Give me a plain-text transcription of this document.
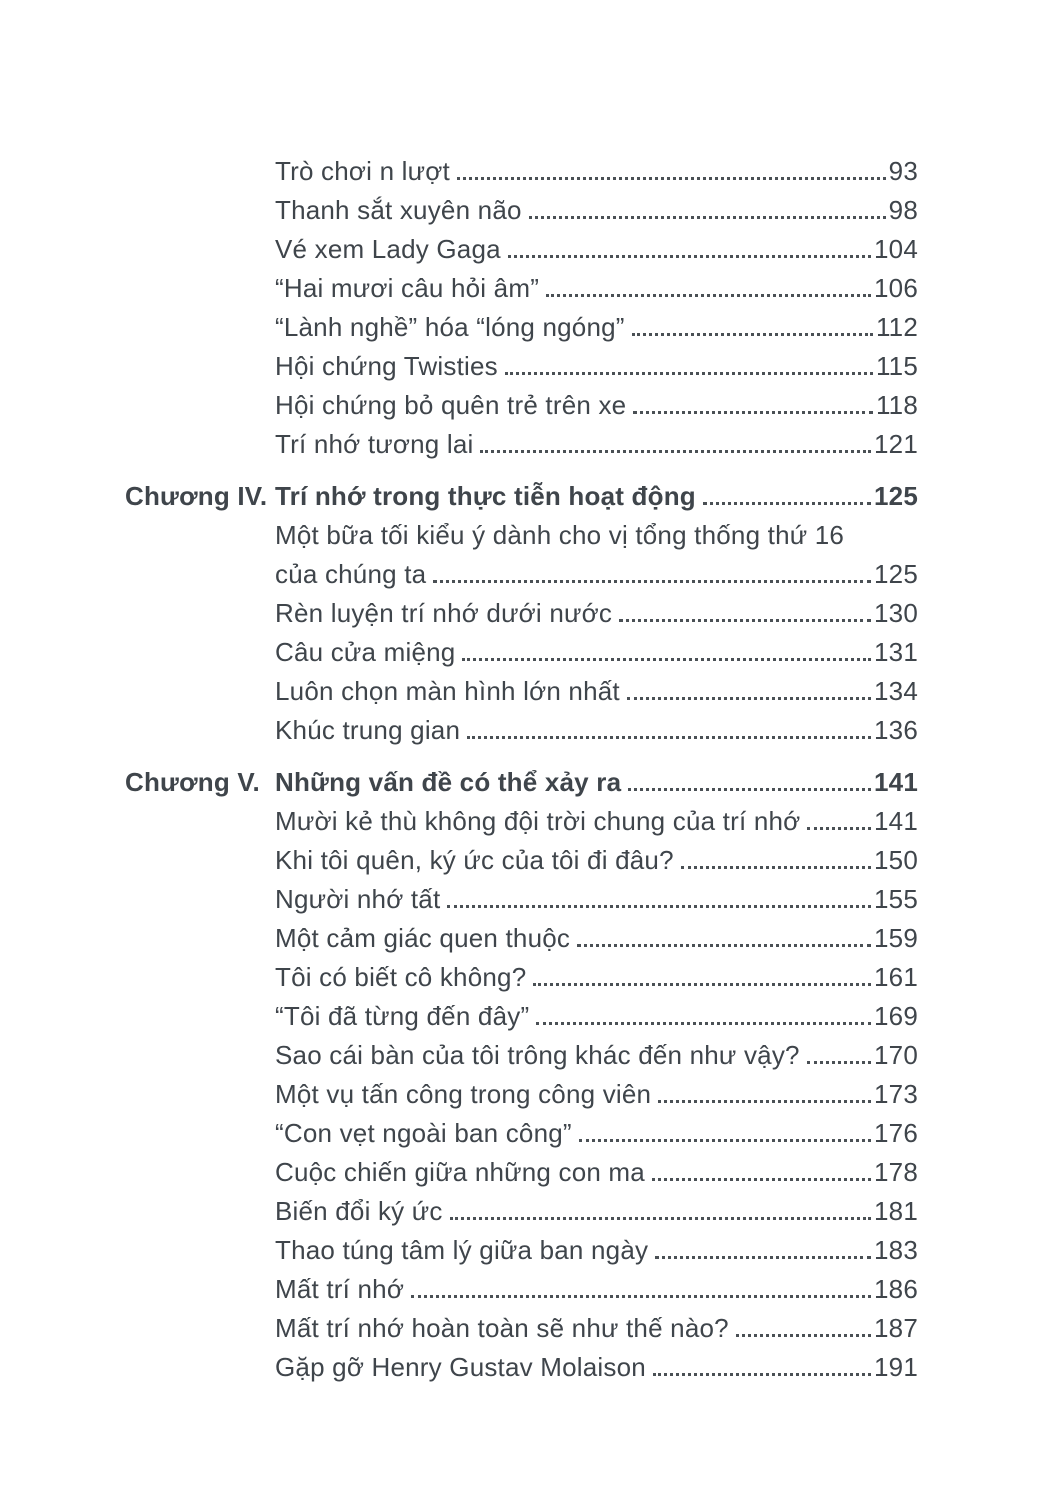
Trò chơi n lượt	93
Thanh sắt xuyên não	98
Vé xem Lady Gaga	104
“Hai mươi câu hỏi âm”	106
“Lành nghề” hóa “lóng ngóng”	112
Hội chứng Twisties	115
Hội chứng bỏ quên trẻ trên xe	118
Trí nhớ tương lai	121
Chương IV. Trí nhớ trong thực tiễn hoạt động	125
Một bữa tối kiểu ý dành cho vị tổng thống thứ 16
của chúng ta	125
Rèn luyện trí nhớ dưới nước	130
Câu cửa miệng	131
Luôn chọn màn hình lớn nhất	134
Khúc trung gian	136
Chương V. Những vấn đề có thể xảy ra	141
Mười kẻ thù không đội trời chung của trí nhớ	141
Khi tôi quên, ký ức của tôi đi đâu?	150
Người nhớ tất	155
Một cảm giác quen thuộc	159
Tôi có biết cô không?	161
“Tôi đã từng đến đây”	169
Sao cái bàn của tôi trông khác đến như vậy?	170
Một vụ tấn công trong công viên	173
“Con vẹt ngoài ban công”	176
Cuộc chiến giữa những con ma	178
Biến đổi ký ức	181
Thao túng tâm lý giữa ban ngày	183
Mất trí nhớ	186
Mất trí nhớ hoàn toàn sẽ như thế nào?	187
Gặp gỡ Henry Gustav Molaison	191
